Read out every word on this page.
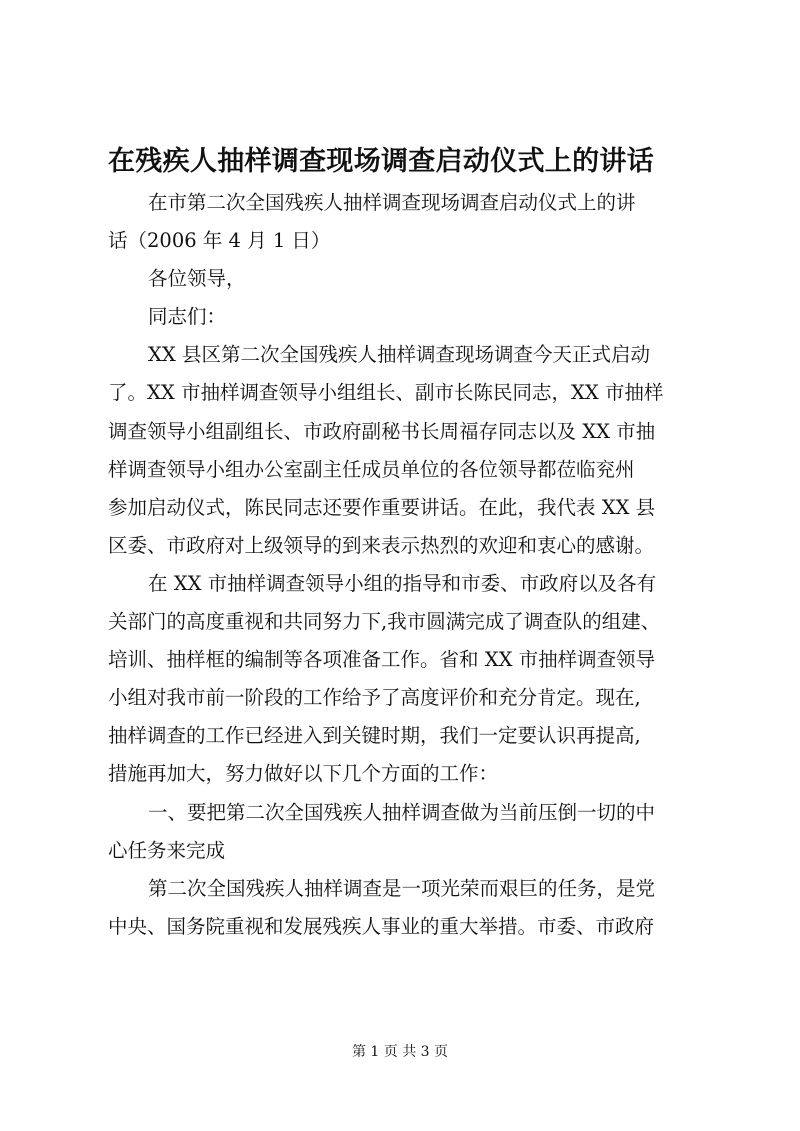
在残疾人抽样调查现场调查启动仪式上的讲话
在市第二次全国残疾人抽样调查现场调查启动仪式上的讲
话（2006 年 4 月 1 日）
各位领导，
同志们：
XX 县区第二次全国残疾人抽样调查现场调查今天正式启动
了。XX 市抽样调查领导小组组长、副市长陈民同志，XX 市抽样
调查领导小组副组长、市政府副秘书长周福存同志以及 XX 市抽
样调查领导小组办公室副主任成员单位的各位领导都莅临兖州
参加启动仪式，陈民同志还要作重要讲话。在此，我代表 XX 县
区委、市政府对上级领导的到来表示热烈的欢迎和衷心的感谢。
在 XX 市抽样调查领导小组的指导和市委、市政府以及各有
关部门的高度重视和共同努力下,我市圆满完成了调查队的组建、
培训、抽样框的编制等各项准备工作。省和 XX 市抽样调查领导
小组对我市前一阶段的工作给予了高度评价和充分肯定。现在,
抽样调查的工作已经进入到关键时期，我们一定要认识再提高,
措施再加大，努力做好以下几个方面的工作：
一、要把第二次全国残疾人抽样调查做为当前压倒一切的中
心任务来完成
第二次全国残疾人抽样调查是一项光荣而艰巨的任务，是党
中央、国务院重视和发展残疾人事业的重大举措。市委、市政府
第 1 页 共 3 页
